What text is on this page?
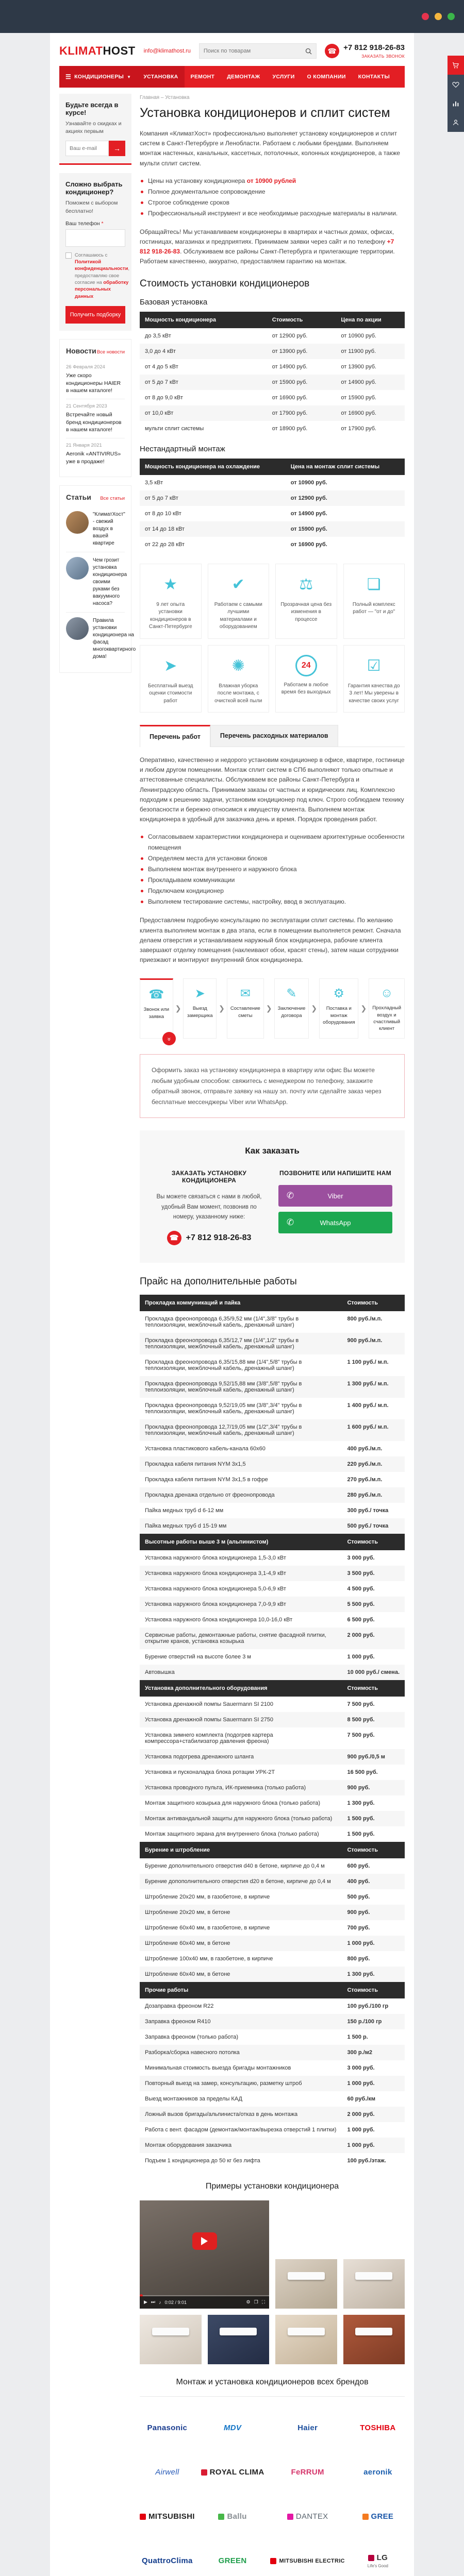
KLIMATHOST info@klimathost.ru
Поиск по товарам	☎ +7 812 918-26-83
ЗАКАЗАТЬ ЗВОНОК
☰ КОНДИЦИОНЕРЫ ▼ УСТАНОВКА РЕМОНТ ДЕМОНТАЖ УСЛУГИ О КОМПАНИИ КОНТАКТЫ
Будьте всегда в курсе!
Узнавайте о скидках и акциях первым
Ваш e-mail
→
Сложно выбрать кондиционер?
Поможем с выбором бесплатно!
Ваш телефон *
Соглашаюсь с Политикой конфиденциальности, предоставляю свое согласие на обработку персональных данных
Получить подборку
Новости Все новости
26 Февраля 2024
Уже скоро кондиционеры HAIER в нашем каталоге!
21 Сентября 2023
Встречайте новый бренд кондиционеров в нашем каталоге!
21 Января 2021
Aeronik «ANTIVIRUS» уже в продаже!
Статьи Все статьи
"КлиматХост" - свежий воздух в вашей квартире
Чем грозит установка кондиционера своими руками без вакуумного насоса?
Правила установки кондиционера на фасад многоквартирного дома!
Главная – Установка
Установка кондиционеров и сплит систем

Компания «КлиматХост» профессионально выполняет установку кондиционеров и сплит систем в Санкт-Петербурге и Ленобласти. Работаем с любыми брендами. Выполняем монтаж настенных, канальных, кассетных, потолочных, колонных кондиционеров, а также мульти сплит систем.

Цены на установку кондиционера от 10900 рублей
Полное документальное сопровождение
Строгое соблюдение сроков
Профессиональный инструмент и все необходимые расходные материалы в наличии.

Обращайтесь! Мы устанавливаем кондиционеры в квартирах и частных домах, офисах, гостиницах, магазинах и предприятиях. Принимаем заявки через сайт и по телефону +7 812 918-26-83. Обслуживаем все районы Санкт-Петербурга и прилегающие территории. Работаем качественно, аккуратно, предоставляем гарантию на монтаж.

Стоимость установки кондиционеров
Базовая установка
Мощность кондиционера	Стоимость	Цена по акции
до 3,5 кВт	от 12900 руб.	от 10900 руб.
3,0 до 4 кВт	от 13900 руб.	от 11900 руб.
от 4 до 5 кВт	от 14900 руб.	от 13900 руб.
от 5 до 7 кВт	от 15900 руб.	от 14900 руб.
от 8 до 9,0 кВт	от 16900 руб.	от 15900 руб.
от 10,0 кВт	от 17900 руб.	от 16900 руб.
мульти сплит системы	от 18900 руб.	от 17900 руб.
Нестандартный монтаж
Мощность кондиционера на охлаждение	Цена на монтаж сплит системы
3,5 кВт	от 10900 руб.
от 5 до 7 кВт	от 12900 руб.
от 8 до 10 кВт	от 14900 руб.
от 14 до 18 кВт	от 15900 руб.
от 22 до 28 кВт	от 16900 руб.
★
9 лет опыта установки кондиционеров в Санкт-Петербурге
✔
Работаем с самыми лучшими материалами и оборудованием
⚖
Прозрачная цена без изменения в процессе
❏
Полный комплекс работ — "от и до"
➤
Бесплатный выезд оценки стоимости работ
✺
Влажная уборка после монтажа, с очисткой всей пыли
24
Работаем в любое время без выходных
☑
Гарантия качества до 3 лет! Мы уверены в качестве своих услуг
Перечень работ	Перечень расходных материалов

Оперативно, качественно и недорого установим кондиционер в офисе, квартире, гостинице и любом другом помещении. Монтаж сплит систем в СПб выполняют только опытные и аттестованные специалисты. Обслуживаем все районы Санкт-Петербурга и Ленинградскую область. Принимаем заказы от частных и юридических лиц. Комплексно подходим к решению задачи, установим кондиционер под ключ. Строго соблюдаем технику безопасности и бережно относимся к имуществу клиента. Выполняем монтаж кондиционера в удобный для заказчика день и время. Порядок проведения работ.

Согласовываем характеристики кондиционера и оцениваем архитектурные особенности помещения
Определяем места для установки блоков
Выполняем монтаж внутреннего и наружного блока
Прокладываем коммуникации
Подключаем кондиционер
Выполняем тестирование системы, настройку, ввод в эксплуатацию.

Предоставляем подробную консультацию по эксплуатации сплит системы. По желанию клиента выполняем монтаж в два этапа, если в помещении выполняется ремонт. Сначала делаем отверстия и устанавливаем наружный блок кондиционера, рабочие клиента завершают отделку помещения (наклеивают обои, красят стены), затем наши сотрудники приезжают и монтируют внутренний блок кондиционера.

☎
Звонок или заявка
❯
➤
Выезд замерщика
❯
✉
Составление сметы
❯
✎
Заключение договора
❯
⚙
Поставка и монтаж оборудования
❯
☺
Прохладный воздух и счастливый клиент
»
Оформить заказ на установку кондиционера в квартиру или офис Вы можете любым удобным способом: свяжитесь с менеджером по телефону, закажите обратный звонок, отправьте заявку на нашу эл. почту или сделайте заказ через бесплатные мессенджеры Viber или WhatsApp.
Как заказать
ЗАКАЗАТЬ УСТАНОВКУ КОНДИЦИОНЕРА
Вы можете связаться с нами в любой, удобный Вам момент, позвонив по номеру, указанному ниже:
☎ +7 812 918-26-83
ПОЗВОНИТЕ ИЛИ НАПИШИТЕ НАМ
✆	Viber
✆	WhatsApp
Прайс на дополнительные работы
Прокладка коммуникаций и пайка	Стоимость
Прокладка фреонопровода 6,35/9,52 мм (1/4",3/8" трубы в теплоизоляции, межблочный кабель, дренажный шланг)	800 руб./м.п.
Прокладка фреонопровода 6,35/12,7 мм (1/4",1/2" трубы в теплоизоляции, межблочный кабель, дренажный шланг)	900 руб./м.п.
Прокладка фреонопровода 6,35/15,88 мм (1/4",5/8" трубы в теплоизоляции, межблочный кабель, дренажный шланг)	1 100 руб./ м.п.
Прокладка фреонопровода 9,52/15,88 мм (3/8",5/8" трубы в теплоизоляции, межблочный кабель, дренажный шланг)	1 300 руб./ м.п.
Прокладка фреонопровода 9,52/19,05 мм (3/8",3/4" трубы в теплоизоляции, межблочный кабель, дренажный шланг)	1 400 руб./ м.п.
Прокладка фреонопровода 12,7/19,05 мм (1/2",3/4" трубы в теплоизоляции, межблочный кабель, дренажный шланг)	1 600 руб./ м.п.
Установка пластикового кабель-канала 60х60	400 руб./м.п.
Прокладка кабеля питания NYM 3х1,5	220 руб./м.п.
Прокладка кабеля питания NYM 3х1,5 в гофре	270 руб./м.п.
Прокладка дренажа отдельно от фреонопровода	280 руб./м.п.
Пайка медных труб d 6-12 мм	300 руб./ точка
Пайка медных труб d 15-19 мм	500 руб./ точка
Высотные работы выше 3 м (альпинистом)	Стоимость
Установка наружного блока кондиционера 1,5-3,0 кВт	3 000 руб.
Установка наружного блока кондиционера 3,1-4,9 кВт	3 500 руб.
Установка наружного блока кондиционера 5,0-6,9 кВт	4 500 руб.
Установка наружного блока кондиционера 7,0-9,9 кВт	5 500 руб.
Установка наружного блока кондиционера 10,0-16,0 кВт	6 500 руб.
Сервисные работы, демонтажные работы, снятие фасадной плитки, открытие кранов, установка козырька	2 000 руб.
Бурение отверстий на высоте более 3 м	1 000 руб.
Автовышка	10 000 руб./ смена.
Установка дополнительного оборудования	Стоимость
Установка дренажной помпы Sauermann SI 2100	7 500 руб.
Установка дренажной помпы Sauermann SI 2750	8 500 руб.
Установка зимнего комплекта (подогрев картера компрессора+стабилизатор давления фреона)	7 500 руб.
Установка подогрева дренажного шланга	900 руб./0,5 м
Установка и пусконаладка блока ротации УРК-2Т	16 500 руб.
Установка проводного пульта, ИК-приемника (только работа)	900 руб.
Монтаж защитного козырька для наружного блока (только работа)	1 300 руб.
Монтаж антивандальной защиты для наружного блока (только работа)	1 500 руб.
Монтаж защитного экрана для внутреннего блока (только работа)	1 500 руб.
Бурение и штробление	Стоимость
Бурение дополнительного отверстия d40 в бетоне, кирпиче до 0,4 м	600 руб.
Бурение допополнительного отверстия d20 в бетоне, кирпиче до 0,4 м	400 руб.
Штробление 20х20 мм, в газобетоне, в кирпиче	500 руб.
Штробление 20х20 мм, в бетоне	900 руб.
Штробление 60х40 мм, в газобетоне, в кирпиче	700 руб.
Штробление 60х40 мм, в бетоне	1 000 руб.
Штробление 100х40 мм, в газобетоне, в кирпиче	800 руб.
Штробление 60х40 мм, в бетоне	1 300 руб.
Прочие работы	Стоимость
Дозаправка фреоном R22	100 руб./100 гр
Заправка фреоном R410	150 р./100 гр
Заправка фреоном (только работа)	1 500 р.
Разборка/сборка навесного потолка	300 р./м2
Минимальная стоимость выезда бригады монтажников	3 000 руб.
Повторный выезд на замер, консультацию, разметку штроб	1 000 руб.
Выезд монтажников за пределы КАД	60 руб./км
Ложный вызов бригады/альпиниста/отказ в день монтажа	2 000 руб.
Работа с вент. фасадом (демонтаж/монтаж/вырезка отверстий 1 плитки)	1 000 руб.
Монтаж оборудования заказчика	1 000 руб.
Подъем 1 кондиционера до 50 кг без лифта	100 руб./этаж.
Примеры установки кондиционера
▶ ⏭ ♪ 0:02 / 9:01	⚙ ❐ ⛶
Монтаж и установка кондиционеров всех брендов
Panasonic	MDV	Haier	TOSHIBA
Airwell	ROYAL CLIMA	FeRRUM	aeronik
MITSUBISHI	Ballu	DANTEX	GREE
QuattroClima	GREEN	MITSUBISHI ELECTRIC	LG
Life's Good
